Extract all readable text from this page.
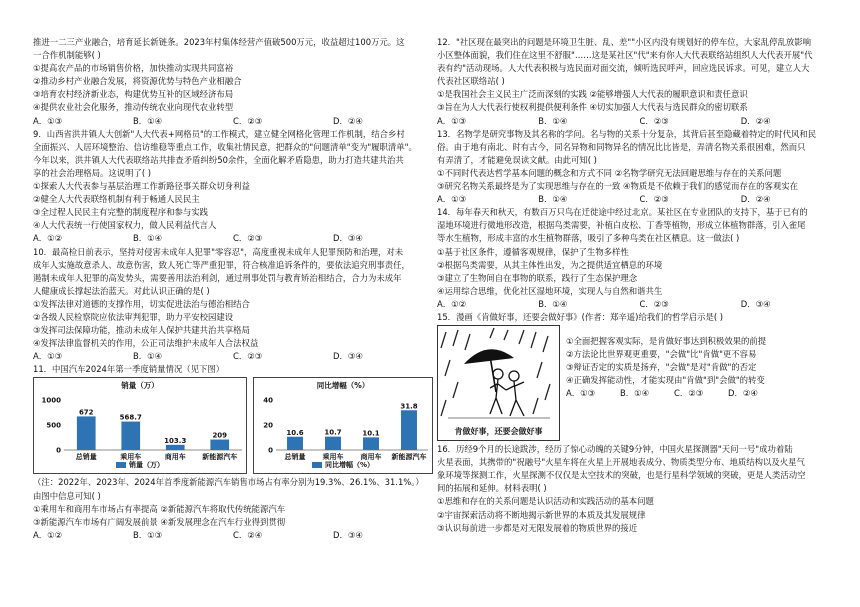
推进一二三产业融合，培育延长新链条。2023年村集体经营产值破500万元，收益超过100万元。这
一合作机制能够( )
①提高农产品的市场销售价格，加快推动实现共同富裕
②推动乡村产业融合发展，将资源优势与特色产业相融合
③培育农村经济新业态，构建优势互补的区域经济布局
④提供农业社会化服务，推动传统农业向现代农业转型
A．①③	B．①④	C．②③	D．②④
9．山西省洪井镇人大创新"人大代表+网格员"的工作模式，建立健全网格化管理工作机制，结合乡村
全面振兴、人居环境整治、信访维稳等重点工作，收集社情民意，把群众的"问题清单"变为"履职清单"。
今年以来，洪井镇人大代表联络站共排查矛盾纠纷50余件，全面化解矛盾隐患，助力打造共建共治共
享的社会治理格局。这说明了( )
①探索人大代表参与基层治理工作新路径事关群众切身利益
②健全人大代表联络机制有利于畅通人民民主
③全过程人民民主有完整的制度程序和参与实践
④人大代表统一行使国家权力，做人民利益代言人
A．①②	B．①④	C．②③	D．③④
10．最高检日前表示，坚持对侵害未成年人犯罪"零容忍"，高度重视未成年人犯罪预防和治理，对未
成年人实施故意杀人、故意伤害，致人死亡等严重犯罪，符合核准追诉条件的，要依法追究刑事责任，
遏制未成年人犯罪的高发势头，需要善用法治利剑，通过刑事处罚与教育矫治相结合，合力为未成年
人健康成长撑起法治蓝天。对此认识正确的是( )
①发挥法律对道德的支撑作用，切实促进法治与德治相结合
②各级人民检察院应依法审判犯罪，助力平安校园建设
③发挥司法保障功能，推动未成年人保护共建共治共享格局
④发挥法律监督机关的作用，公正司法维护未成年人合法权益
A．①③	B．①④	C．②③	D．③④
11．中国汽车2024年第一季度销量情况（见下图）
销量（万）
1000
500
0
672
总销量
568.7
乘用车
103.3
商用车
209
新能源汽车
销量（万）
同比增幅（%）
40
20
0
10.6
总销量
10.7
乘用车
10.1
商用车
31.8
新能源汽车
同比增幅（%）
（注：2022年、2023年、2024年首季度新能源汽车销售市场占有率分别为19.3%、26.1%、31.1%。）
由图中信息可知( )
①乘用车和商用车市场占有率提高 ②新能源汽车将取代传统能源汽车
③新能源汽车市场有广阔发展前景 ④新发展理念在汽车行业得到贯彻
A．①②	B．①③	C．②④	D．③④
12．"社区现在最突出的问题是环境卫生脏、乱、差""小区内没有规划好的停车位，大家乱停乱放影响
小区整体面貌，我们住在这里不舒服"……这是某社区"代"来有你人大代表联络站组织人大代表开展"代
表有约"活动现场。人大代表积极与选民面对面交流，倾听选民呼声，回应选民诉求。可见，建立人大
代表社区联络站( )
①是我国社会主义民主广泛而深刻的实践 ②能够增强人大代表的履职意识和责任意识
③旨在为人大代表行使权利提供便利条件 ④切实加强人大代表与选民群众的密切联系
A．①③	B．①④	C．②③	D．②④
13．名物学是研究事物及其名称的学问。名与物的关系十分复杂，其背后甚至隐藏着特定的时代风和民
俗。由于地有南北、时有古今，同名异物和同物异名的情况比比皆是，弄清名物关系很困难，然而只
有弄清了，才能避免误读文献。由此可知( )
①不同时代表达哲学基本问题的概念和方式不同 ②名物学研究无法回避思维与存在的关系问题
③研究名物关系最终是为了实现思维与存在的一致 ④物质是不依赖于我们的感觉而存在的客观实在
A．①③	B．①④	C．②③	D．②④
14．每年春天和秋天，有数百万只鸟在迁徙途中经过北京。某社区在专业团队的支持下，基于已有的
湿地环境进行微地形改造，根据鸟类需要，补植白皮松、丁香等植物，形成立体植物群落，引入雀尾
等水生植物，形成丰富的水生植物群落，吸引了多种鸟类在社区栖息。这一做法( )
①基于社区条件，遵循客观规律，保护了生物多样性
②根据鸟类需要，从其主体性出发，为之提供适宜栖息的环境
③建立了生物间自在事物的联系，践行了生态保护理念
④运用综合思维，优化社区湿地环境，实现人与自然和谐共生
A．①②	B．①④	C．②③	D．③④
15．漫画《肯做好事，还要会做好事》(作者：郑辛遥)给我们的哲学启示是( )
肯做好事，还要会做好事
①全面把握客观实际，是肯做好事达到积极效果的前提
②方法论比世界观更重要，"会做"比"肯做"更不容易
③辩证否定的实质是扬弃，"会做"是对"肯做"的否定
④正确发挥能动性，才能实现由"肯做"到"会做"的转变
A．①③	B．①④	C．②③	D．②④
16．历经9个月的长途跋涉，经历了惊心动魄的关键9分钟，中国火星探测器"天问一号"成功着陆
火星表面，其携带的"祝融号"火星车将在火星上开展地表成分、物质类型分布、地质结构以及火星气
象环境等探测工作，火星探测不仅仅是太空技术的突破，也是行星科学领域的突破，更是人类活动空
间的拓展和延伸。材料表明( )
①思维和存在的关系问题是认识活动和实践活动的基本问题
②宇宙探索活动将不断地揭示新世界的本质及其发展规律
③认识每前进一步都是对无限发展着的物质世界的接近
